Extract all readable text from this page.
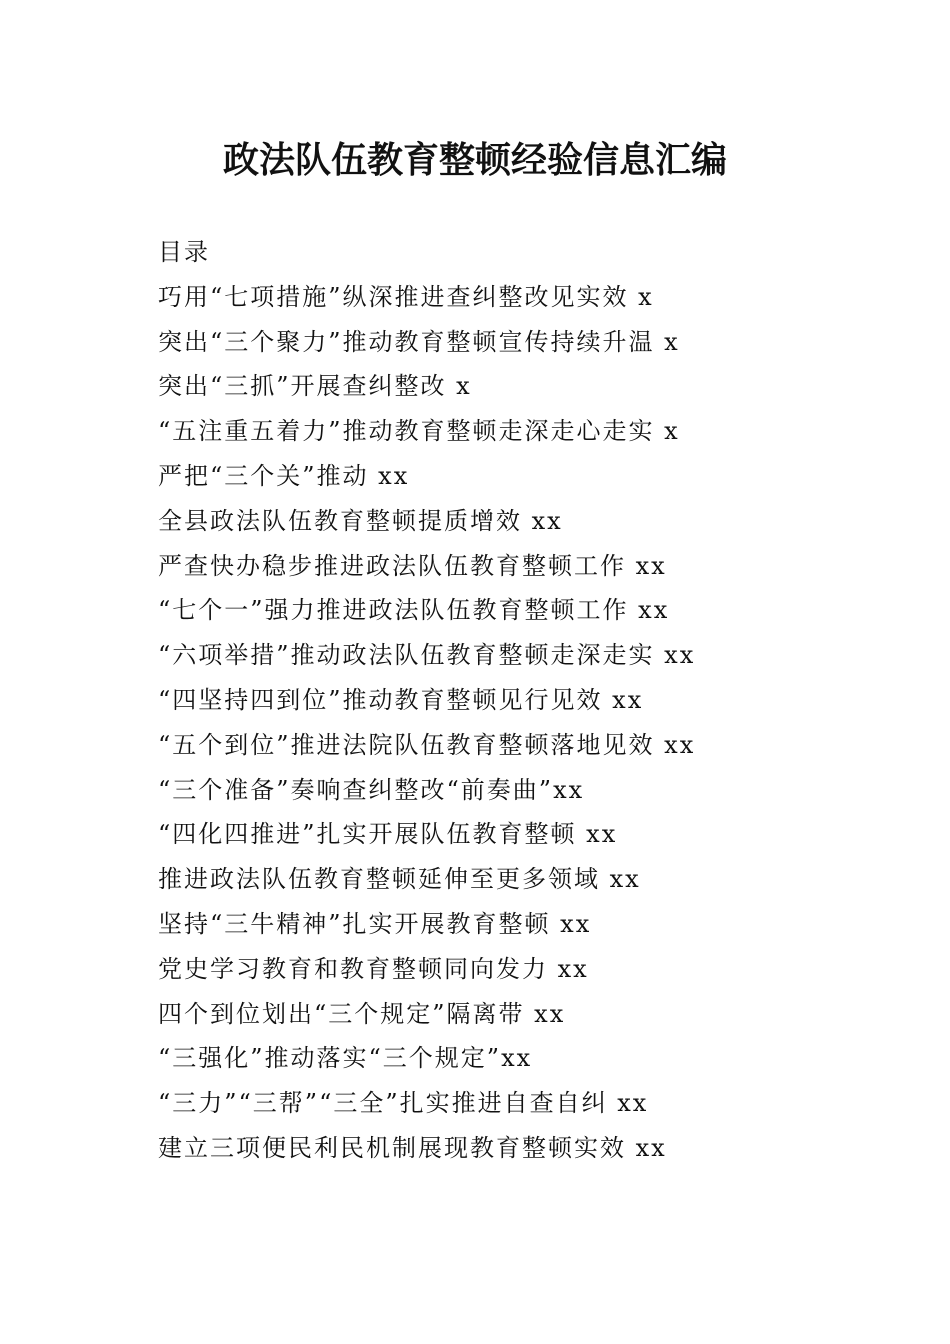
政法队伍教育整顿经验信息汇编
目录
巧用“七项措施”纵深推进查纠整改见实效 x
突出“三个聚力”推动教育整顿宣传持续升温 x
突出“三抓”开展查纠整改 x
“五注重五着力”推动教育整顿走深走心走实 x
严把“三个关”推动 xx
全县政法队伍教育整顿提质增效 xx
严查快办稳步推进政法队伍教育整顿工作 xx
“七个一”强力推进政法队伍教育整顿工作 xx
“六项举措”推动政法队伍教育整顿走深走实 xx
“四坚持四到位”推动教育整顿见行见效 xx
“五个到位”推进法院队伍教育整顿落地见效 xx
“三个准备”奏响查纠整改“前奏曲”xx
“四化四推进”扎实开展队伍教育整顿 xx
推进政法队伍教育整顿延伸至更多领域 xx
坚持“三牛精神”扎实开展教育整顿 xx
党史学习教育和教育整顿同向发力 xx
四个到位划出“三个规定”隔离带 xx
“三强化”推动落实“三个规定”xx
“三力”“三帮”“三全”扎实推进自查自纠 xx
建立三项便民利民机制展现教育整顿实效 xx
